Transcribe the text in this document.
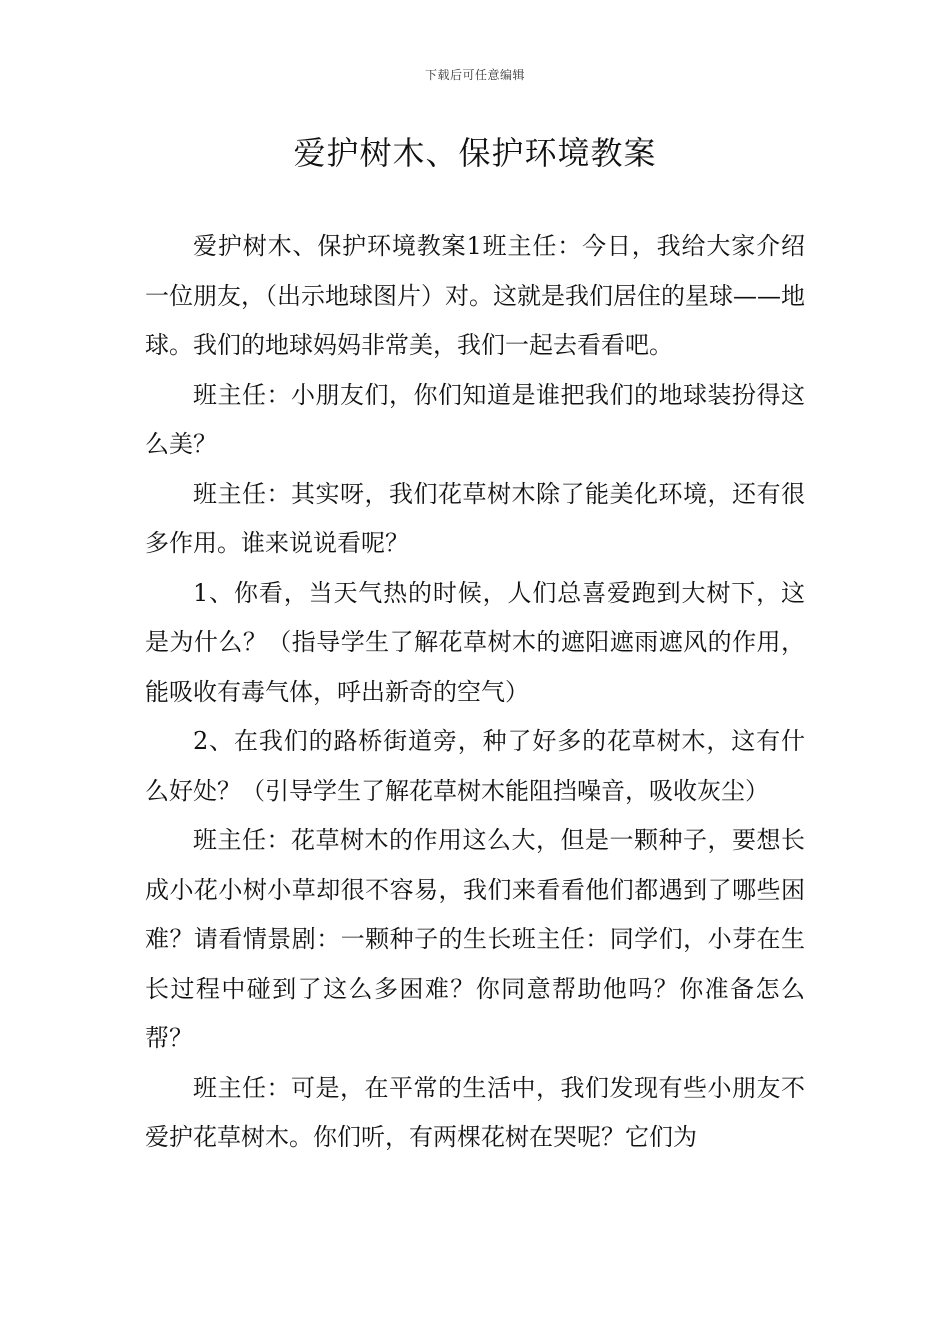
下载后可任意编辑
爱护树木、保护环境教案

爱护树木、保护环境教案1班主任：今日，我给大家介绍一位朋友，（出示地球图片）对。这就是我们居住的星球——地球。我们的地球妈妈非常美，我们一起去看看吧。

班主任：小朋友们，你们知道是谁把我们的地球装扮得这么美？

班主任：其实呀，我们花草树木除了能美化环境，还有很多作用。谁来说说看呢？

1、你看，当天气热的时候，人们总喜爱跑到大树下，这是为什么？（指导学生了解花草树木的遮阳遮雨遮风的作用，能吸收有毒气体，呼出新奇的空气）

2、在我们的路桥街道旁，种了好多的花草树木，这有什么好处？（引导学生了解花草树木能阻挡噪音，吸收灰尘）

班主任：花草树木的作用这么大，但是一颗种子，要想长成小花小树小草却很不容易，我们来看看他们都遇到了哪些困难？请看情景剧：一颗种子的生长班主任：同学们，小芽在生长过程中碰到了这么多困难？你同意帮助他吗？你准备怎么帮？

班主任：可是，在平常的生活中，我们发现有些小朋友不爱护花草树木。你们听，有两棵花树在哭呢？它们为
